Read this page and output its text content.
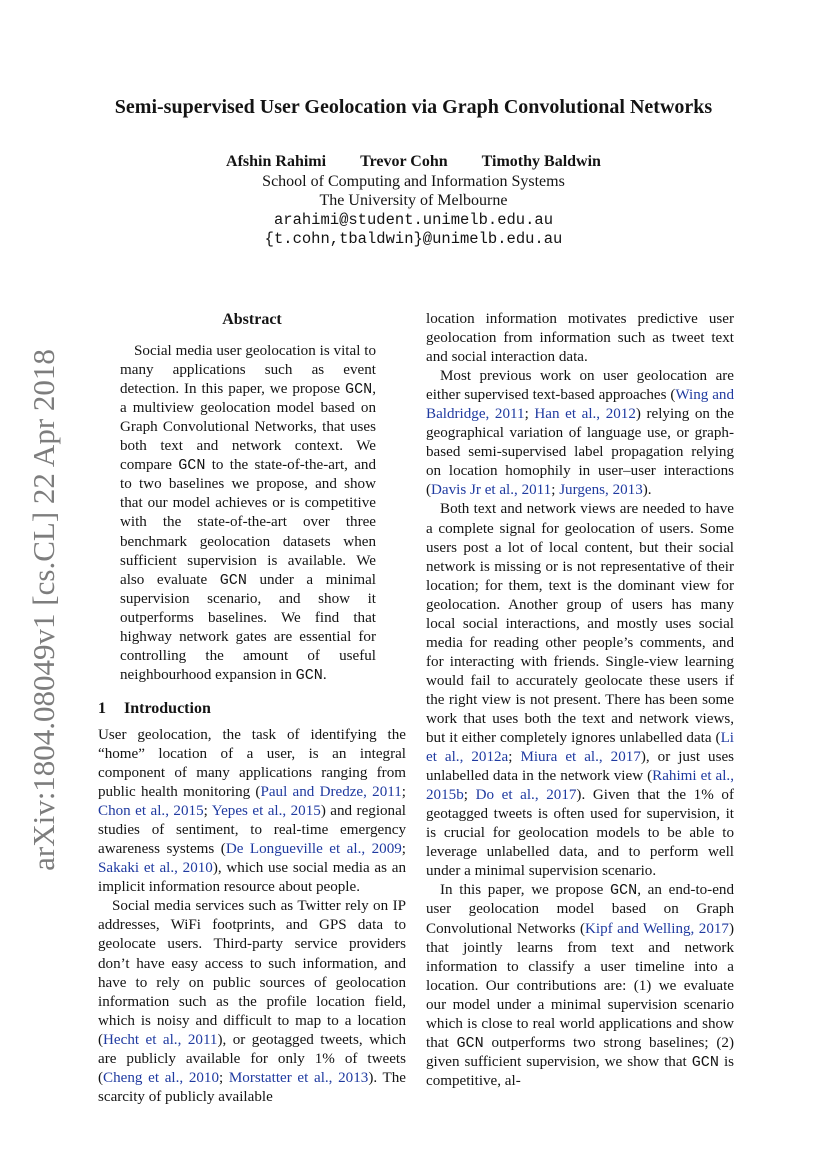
arXiv:1804.08049v1 [cs.CL] 22 Apr 2018
Semi-supervised User Geolocation via Graph Convolutional Networks
Afshin Rahimi Trevor Cohn Timothy Baldwin
School of Computing and Information Systems
The University of Melbourne
arahimi@student.unimelb.edu.au
{t.cohn,tbaldwin}@unimelb.edu.au
Abstract

Social media user geolocation is vital to many applications such as event detection. In this paper, we propose GCN, a multiview geolocation model based on Graph Convolutional Networks, that uses both text and network context. We compare GCN to the state-of-the-art, and to two baselines we propose, and show that our model achieves or is competitive with the state-of-the-art over three benchmark geolocation datasets when sufficient supervision is available. We also evaluate GCN under a minimal supervision scenario, and show it outperforms baselines. We find that highway network gates are essential for controlling the amount of useful neighbourhood expansion in GCN.

1 Introduction

User geolocation, the task of identifying the “home” location of a user, is an integral component of many applications ranging from public health monitoring (Paul and Dredze, 2011; Chon et al., 2015; Yepes et al., 2015) and regional studies of sentiment, to real-time emergency awareness systems (De Longueville et al., 2009; Sakaki et al., 2010), which use social media as an implicit information resource about people.

Social media services such as Twitter rely on IP addresses, WiFi footprints, and GPS data to geolocate users. Third-party service providers don’t have easy access to such information, and have to rely on public sources of geolocation information such as the profile location field, which is noisy and difficult to map to a location (Hecht et al., 2011), or geotagged tweets, which are publicly available for only 1% of tweets (Cheng et al., 2010; Morstatter et al., 2013). The scarcity of publicly available

location information motivates predictive user geolocation from information such as tweet text and social interaction data.

Most previous work on user geolocation are either supervised text-based approaches (Wing and Baldridge, 2011; Han et al., 2012) relying on the geographical variation of language use, or graph-based semi-supervised label propagation relying on location homophily in user–user interactions (Davis Jr et al., 2011; Jurgens, 2013).

Both text and network views are needed to have a complete signal for geolocation of users. Some users post a lot of local content, but their social network is missing or is not representative of their location; for them, text is the dominant view for geolocation. Another group of users has many local social interactions, and mostly uses social media for reading other people’s comments, and for interacting with friends. Single-view learning would fail to accurately geolocate these users if the right view is not present. There has been some work that uses both the text and network views, but it either completely ignores unlabelled data (Li et al., 2012a; Miura et al., 2017), or just uses unlabelled data in the network view (Rahimi et al., 2015b; Do et al., 2017). Given that the 1% of geotagged tweets is often used for supervision, it is crucial for geolocation models to be able to leverage unlabelled data, and to perform well under a minimal supervision scenario.

In this paper, we propose GCN, an end-to-end user geolocation model based on Graph Convolutional Networks (Kipf and Welling, 2017) that jointly learns from text and network information to classify a user timeline into a location. Our contributions are: (1) we evaluate our model under a minimal supervision scenario which is close to real world applications and show that GCN outperforms two strong baselines; (2) given sufficient supervision, we show that GCN is competitive, al-
